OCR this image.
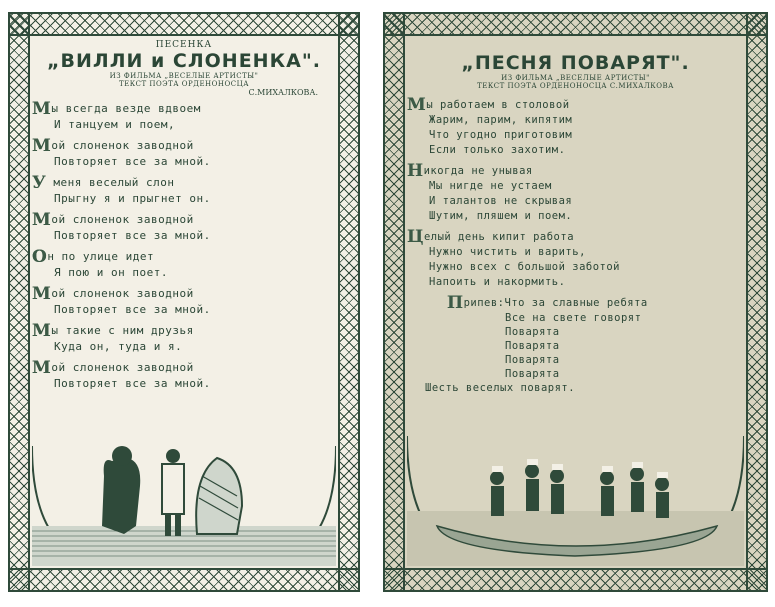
ПЕСЕНКА
„ВИЛЛИ и СЛОНЕНКА".
ИЗ ФИЛЬМА „ВЕСЕЛЫЕ АРТИСТЫ"
ТЕКСТ ПОЭТА ОРДЕНОНОСЦА
С.МИХАЛКОВА.
Мы всегда везде вдвоем
И танцуем и поем,
Мой слоненок заводной
Повторяет все за мной.
У меня веселый слон
Прыгну я и прыгнет он.
Мой слоненок заводной
Повторяет все за мной.
Он по улице идет
Я пою и он поет.
Мой слоненок заводной
Повторяет все за мной.
Мы такие с ним друзья
Куда он, туда и я.
Мой слоненок заводной
Повторяет все за мной.
„ПЕСНЯ ПОВАРЯТ".
ИЗ ФИЛЬМА „ВЕСЕЛЫЕ АРТИСТЫ"
ТЕКСТ ПОЭТА ОРДЕНОНОСЦА С.МИХАЛКОВА
Мы работаем в столовой
Жарим, парим, кипятим
Что угодно приготовим
Если только захотим.
Никогда не унывая
Мы нигде не устаем
И талантов не скрывая
Шутим, пляшем и поем.
Целый день кипит работа
Нужно чистить и варить,
Нужно всех с большой заботой
Напоить и накормить.
Припев:Что за славные ребята
Все на свете говорят
Поварята
Поварята
Поварята
Поварята
Шесть веселых поварят.
